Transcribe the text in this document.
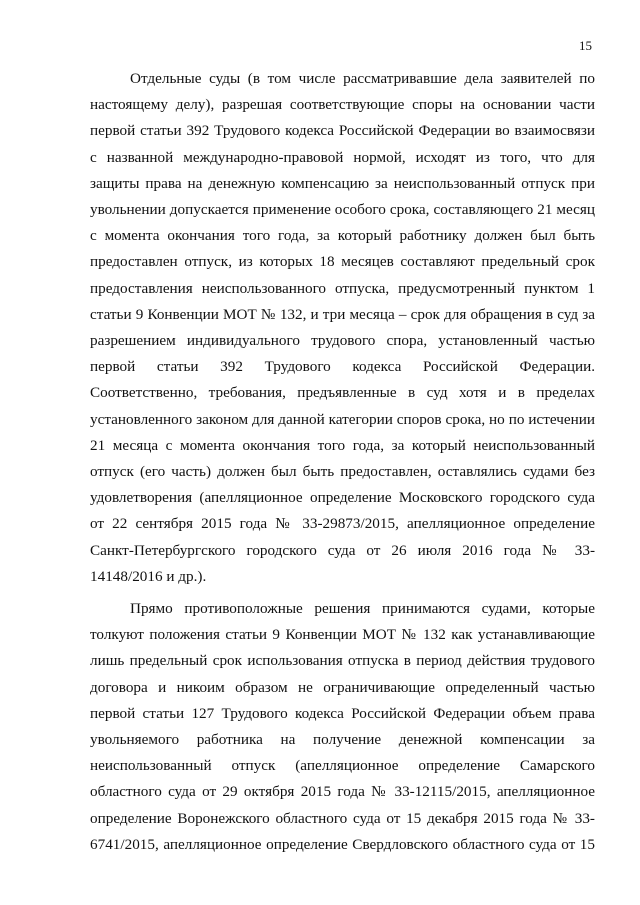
15
Отдельные суды (в том числе рассматривавшие дела заявителей по
настоящему делу), разрешая соответствующие споры на основании части
первой статьи 392 Трудового кодекса Российской Федерации во взаимосвязи
с названной международно-правовой нормой, исходят из того, что для
защиты права на денежную компенсацию за неиспользованный отпуск при
увольнении допускается применение особого срока, составляющего 21 месяц
с момента окончания того года, за который работнику должен был быть
предоставлен отпуск, из которых 18 месяцев составляют предельный срок
предоставления неиспользованного отпуска, предусмотренный пунктом 1
статьи 9 Конвенции МОТ № 132, и три месяца – срок для обращения в суд за
разрешением индивидуального трудового спора, установленный частью
первой статьи 392 Трудового кодекса Российской Федерации.
Соответственно, требования, предъявленные в суд хотя и в пределах
установленного законом для данной категории споров срока, но по истечении
21 месяца с момента окончания того года, за который неиспользованный
отпуск (его часть) должен был быть предоставлен, оставлялись судами без
удовлетворения (апелляционное определение Московского городского суда
от 22 сентября 2015 года № 33-29873/2015, апелляционное определение
Санкт-Петербургского городского суда от 26 июля 2016 года № 33-
14148/2016 и др.).
Прямо противоположные решения принимаются судами, которые
толкуют положения статьи 9 Конвенции МОТ № 132 как устанавливающие
лишь предельный срок использования отпуска в период действия трудового
договора и никоим образом не ограничивающие определенный частью
первой статьи 127 Трудового кодекса Российской Федерации объем права
увольняемого работника на получение денежной компенсации за
неиспользованный отпуск (апелляционное определение Самарского
областного суда от 29 октября 2015 года № 33-12115/2015, апелляционное
определение Воронежского областного суда от 15 декабря 2015 года № 33-
6741/2015, апелляционное определение Свердловского областного суда от 15
